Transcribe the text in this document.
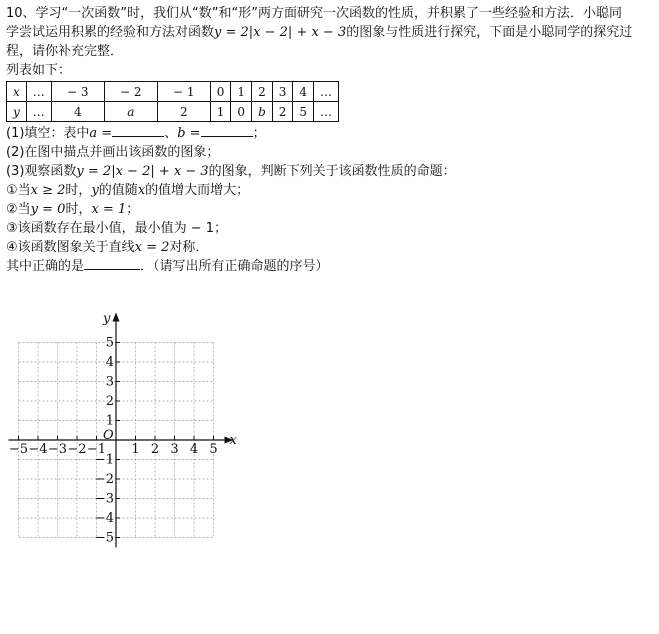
10、学习“一次函数”时，我们从“数”和“形”两方面研究一次函数的性质，并积累了一些经验和方法．小聪同
学尝试运用积累的经验和方法对函数y = 2|x − 2| + x − 3的图象与性质进行探究，下面是小聪同学的探究过
程，请你补充完整．
列表如下：
x	…	− 3	− 2	− 1	0	1	2	3	4	…
y	…	4	a	2	1	0	b	2	5	…
(1)填空：表中a =	、b =	；
(2)在图中描点并画出该函数的图象；
(3)观察函数y = 2|x − 2| + x − 3的图象，判断下列关于该函数性质的命题：
①当x ≥ 2时，y的值随x的值增大而增大；
②当y = 0时，x = 1；
③该函数存在最小值，最小值为 − 1；
④该函数图象关于直线x = 2对称．
其中正确的是	．（请写出所有正确命题的序号）
−5 −4 −3 −2 −1 1 2 3 4 5
5
4
3
2
1
−1
−2
−3
−4
−5
x
y
O
